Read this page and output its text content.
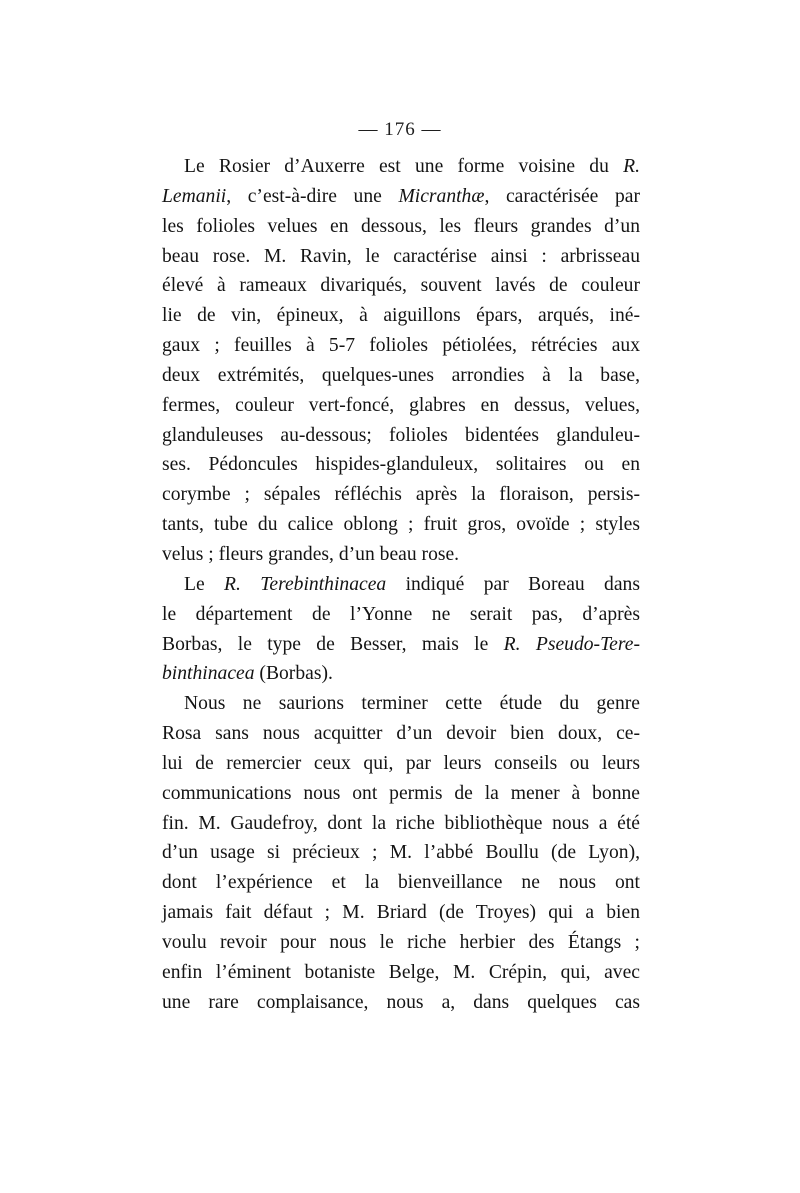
— 176 —
Le Rosier d’Auxerre est une forme voisine du R.
Lemanii, c’est-à-dire une Micranthæ, caractérisée par
les folioles velues en dessous, les fleurs grandes d’un
beau rose. M. Ravin, le caractérise ainsi : arbrisseau
élevé à rameaux divariqués, souvent lavés de couleur
lie de vin, épineux, à aiguillons épars, arqués, iné-
gaux ; feuilles à 5-7 folioles pétiolées, rétrécies aux
deux extrémités, quelques-unes arrondies à la base,
fermes, couleur vert-foncé, glabres en dessus, velues,
glanduleuses au-dessous; folioles bidentées glanduleu-
ses. Pédoncules hispides-glanduleux, solitaires ou en
corymbe ; sépales réfléchis après la floraison, persis-
tants, tube du calice oblong ; fruit gros, ovoïde ; styles
velus ; fleurs grandes, d’un beau rose.
Le R. Terebinthinacea indiqué par Boreau dans
le département de l’Yonne ne serait pas, d’après
Borbas, le type de Besser, mais le R. Pseudo-Tere-
binthinacea (Borbas).
Nous ne saurions terminer cette étude du genre
Rosa sans nous acquitter d’un devoir bien doux, ce-
lui de remercier ceux qui, par leurs conseils ou leurs
communications nous ont permis de la mener à bonne
fin. M. Gaudefroy, dont la riche bibliothèque nous a été
d’un usage si précieux ; M. l’abbé Boullu (de Lyon),
dont l’expérience et la bienveillance ne nous ont
jamais fait défaut ; M. Briard (de Troyes) qui a bien
voulu revoir pour nous le riche herbier des Étangs ;
enfin l’éminent botaniste Belge, M. Crépin, qui, avec
une rare complaisance, nous a, dans quelques cas
